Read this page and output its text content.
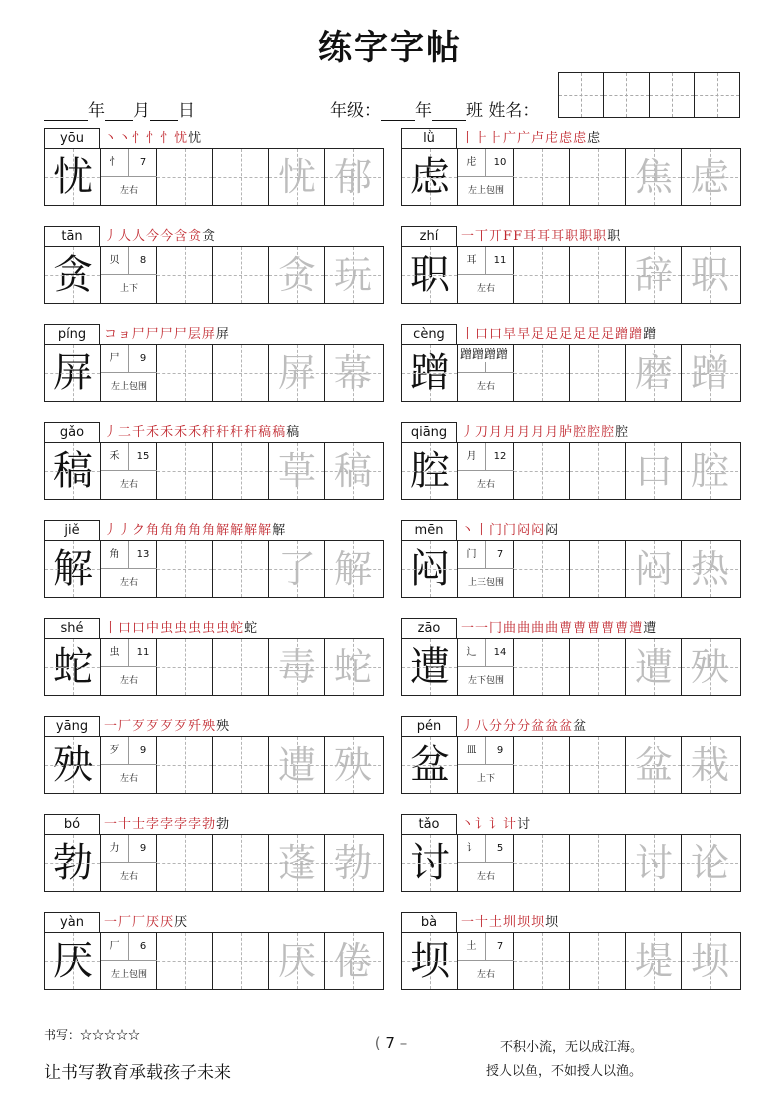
练字字帖
年 月 日	年级： 年 班 姓名：
yōu	丶丶忄忄忄忧忧
忧	忄	7
左右	忧 郁
lǜ	丨⺊⺊广广卢虍虑虑虑
虑	虍	10
左上包围	焦 虑
tān	丿人人今今含贪贪
贪	贝	8
上下	贪 玩
zhí	一丅丌FF耳耳耳职职职职
职	耳	11
左右	辞 职
píng	コョ尸尸尸尸层屏屏
屏	尸	9
左上包围	屏 幕
cèng	丨口口早早足足足足足足蹭蹭蹭
蹭	左右
蹭蹭蹭蹭	磨 蹭
gǎo	丿二千禾禾禾禾秆秆秆秆稿稿稿
稿	禾	15
左右	草 稿
qiāng	丿刀月月月月月胪腔腔腔腔
腔	月	12
左右	口 腔
jiě	丿丿ク角角角角角解解解解解
解	角	13
左右	了 解
mēn	丶丨门门闷闷闷
闷	门	7
上三包围	闷 热
shé	丨口口中虫虫虫虫虫蛇蛇
蛇	虫	11
左右	毒 蛇
zāo	一一冂曲曲曲曲曹曹曹曹曹遭遭
遭	辶	14
左下包围	遭 殃
yāng	一厂歹歹歹歹歼殃殃
殃	歹	9
左右	遭 殃
pén	丿八分分分盆盆盆盆
盆	皿	9
上下	盆 栽
bó	一十士孛孛孛孛勃勃
勃	力	9
左右	蓬 勃
tǎo	丶讠讠计讨
讨	讠	5
左右	讨 论
yàn	一厂厂厌厌厌
厌	厂	6
左上包围	厌 倦
bà	一十土圳坝坝坝
坝	土	7
左右	堤 坝
书写：☆☆☆☆☆
让书写教育承载孩子未来
( 7 –	不积小流，无以成江海。
授人以鱼，不如授人以渔。
